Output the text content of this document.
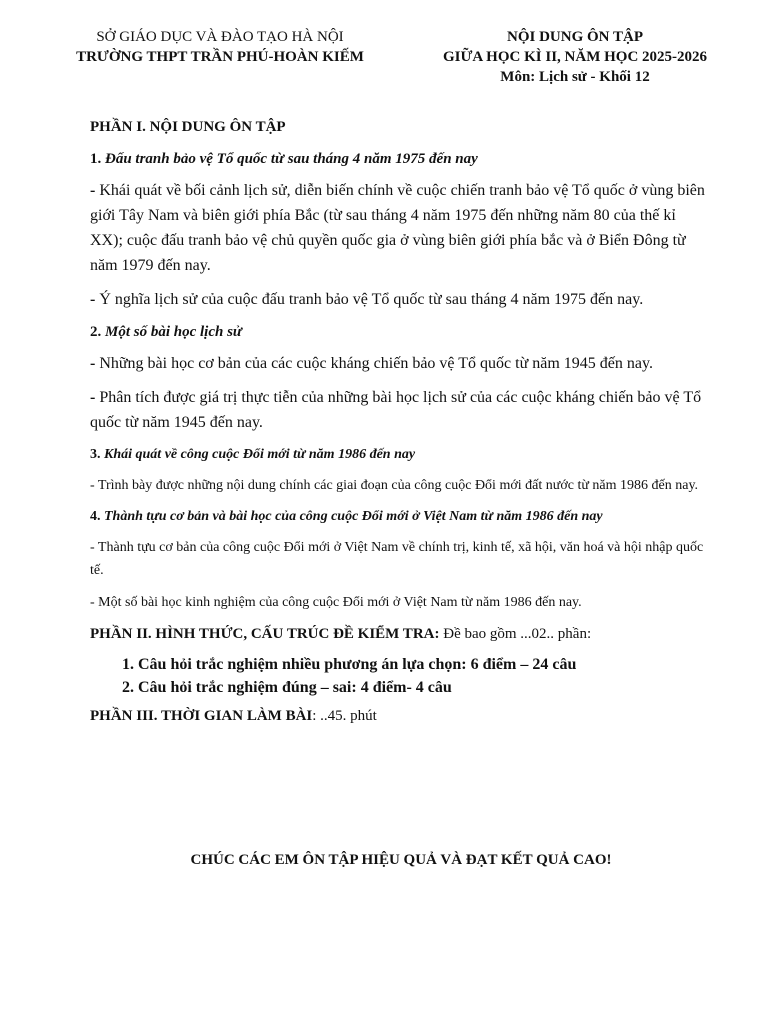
SỞ GIÁO DỤC VÀ ĐÀO TẠO HÀ NỘI
TRƯỜNG THPT TRẦN PHÚ-HOÀN KIẾM
NỘI DUNG ÔN TẬP
GIỮA HỌC KÌ II, NĂM HỌC 2025-2026
Môn: Lịch sử - Khối 12
PHẦN I. NỘI DUNG ÔN TẬP
1. Đấu tranh bảo vệ Tổ quốc từ sau tháng 4 năm 1975 đến nay
- Khái quát về bối cảnh lịch sử, diễn biến chính về cuộc chiến tranh bảo vệ Tổ quốc ở vùng biên giới Tây Nam và biên giới phía Bắc (từ sau tháng 4 năm 1975 đến những năm 80 của thế kỉ XX); cuộc đấu tranh bảo vệ chủ quyền quốc gia ở vùng biên giới phía bắc và ở Biển Đông từ năm 1979 đến nay.
- Ý nghĩa lịch sử của cuộc đấu tranh bảo vệ Tổ quốc từ sau tháng 4 năm 1975 đến nay.
2. Một số bài học lịch sử
- Những bài học cơ bản của các cuộc kháng chiến bảo vệ Tổ quốc từ năm 1945 đến nay.
- Phân tích được giá trị thực tiễn của những bài học lịch sử của các cuộc kháng chiến bảo vệ Tổ quốc từ năm 1945 đến nay.
3. Khái quát về công cuộc Đổi mới từ năm 1986 đến nay
- Trình bày được những nội dung chính các giai đoạn của công cuộc Đổi mới đất nước từ năm 1986 đến nay.
4. Thành tựu cơ bản và bài học của công cuộc Đổi mới ở Việt Nam từ năm 1986 đến nay
- Thành tựu cơ bản của công cuộc Đổi mới ở Việt Nam về chính trị, kinh tế, xã hội, văn hoá và hội nhập quốc tế.
- Một số bài học kinh nghiệm của công cuộc Đổi mới ở Việt Nam từ năm 1986 đến nay.
PHẦN II. HÌNH THỨC, CẤU TRÚC ĐỀ KIỂM TRA: Đề bao gồm ...02.. phần:
1. Câu hỏi trắc nghiệm nhiều phương án lựa chọn: 6 điểm – 24 câu
2. Câu hỏi trắc nghiệm đúng – sai: 4 điểm- 4 câu
PHẦN III. THỜI GIAN LÀM BÀI: ..45. phút
CHÚC CÁC EM ÔN TẬP HIỆU QUẢ VÀ ĐẠT KẾT QUẢ CAO!
